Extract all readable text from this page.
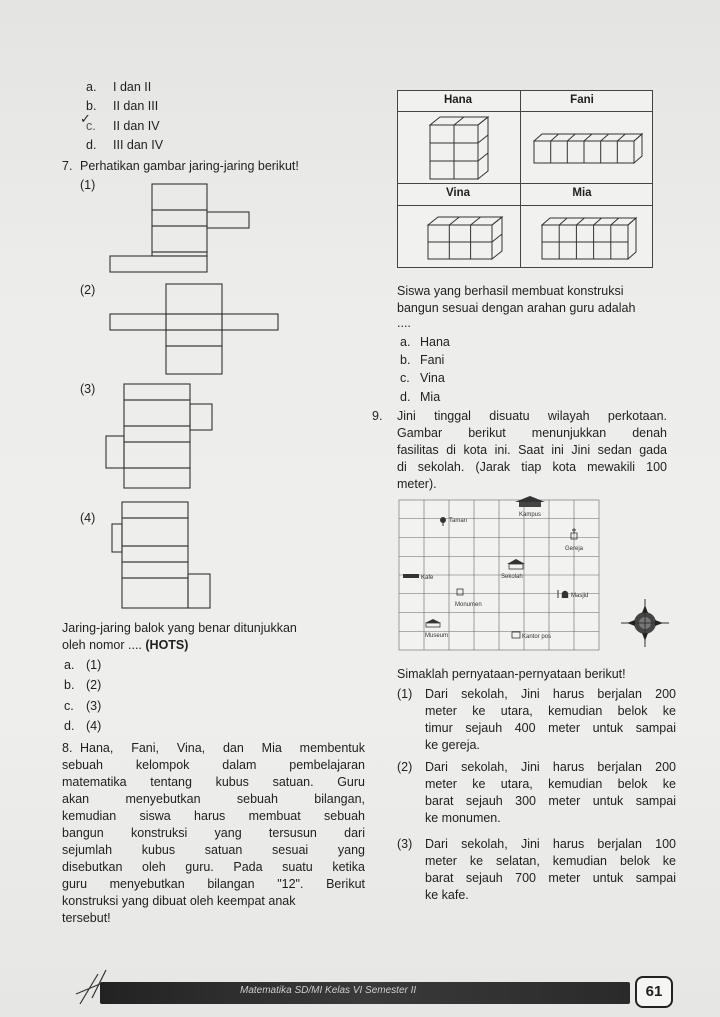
a. I dan II
b. II dan III
c.
✓ II dan IV
d. III dan IV
7. Perhatikan gambar jaring-jaring berikut!
(1)
(2)
(3)
(4)
Jaring-jaring balok yang benar ditunjukkan
oleh nomor .... (HOTS)
a. (1)
b. (2)
c. (3)
d. (4)
8. Hana, Fani, Vina, dan Mia membentuk
sebuah kelompok dalam pembelajaran
matematika tentang kubus satuan. Guru
akan menyebutkan sebuah bilangan,
kemudian siswa harus membuat sebuah
bangun konstruksi yang tersusun dari
sejumlah kubus satuan sesuai yang
disebutkan oleh guru. Pada suatu ketika
guru menyebutkan bilangan "12". Berikut
konstruksi yang dibuat oleh keempat anak
tersebut!
Hana	Fani
Vina	Mia
Siswa yang berhasil membuat konstruksi
bangun sesuai dengan arahan guru adalah
....
a. Hana
b. Fani
c. Vina
d. Mia
9. Jini tinggal disuatu wilayah perkotaan.
Gambar berikut menunjukkan denah
fasilitas di kota ini. Saat ini Jini sedan gada
di sekolah. (Jarak tiap kota mewakili 100
meter).
Kampus
Taman
Gereja
Sekolah
Kafe
Monumen
Masjid
Museum	Kantor pos
Simaklah pernyataan-pernyataan berikut!
(1) Dari sekolah, Jini harus berjalan 200
meter ke utara, kemudian belok ke
timur sejauh 400 meter untuk sampai
ke gereja.
(2) Dari sekolah, Jini harus berjalan 200
meter ke utara, kemudian belok ke
barat sejauh 300 meter untuk sampai
ke monumen.
(3) Dari sekolah, Jini harus berjalan 100
meter ke selatan, kemudian belok ke
barat sejauh 700 meter untuk sampai
ke kafe.
Matematika SD/MI Kelas VI Semester II	61
